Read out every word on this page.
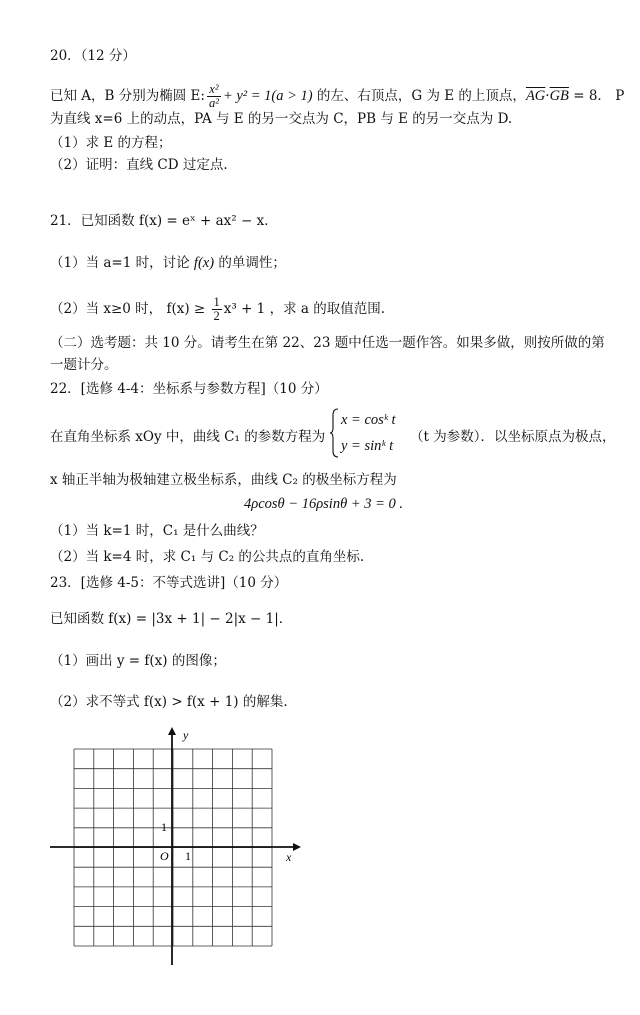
20．（12 分）
已知 A，B 分别为椭圆 E: $\frac{\text{x²}}{\text{a²}} + y^2 = 1(a > 1)$ 的左、右顶点，G 为 E 的上顶点，$\overline{AG}\cdot\overline{GB} = 8$． P
为直线 x=6 上的动点，PA 与 E 的另一交点为 C，PB 与 E 的另一交点为 D.
（1）求 E 的方程；
（2）证明：直线 CD 过定点.
21．已知函数 f(x) = eˣ + ax² − x．
（1）当 a=1 时，讨论 f(x) 的单调性；
（2）当 x≥0 时， $f(x) \ge \frac{1}{2} x^3 + 1$ ，求 a 的取值范围.
（二）选考题：共 10 分。请考生在第 22、23 题中任选一题作答。如果多做，则按所做的第
一题计分。
22．[选修 4-4：坐标系与参数方程]（10 分）
在直角坐标系 xOy 中，曲线 C₁ 的参数方程为
x = cosᵏ t
y = sinᵏ t
（t 为参数）．以坐标原点为极点，
x 轴正半轴为极轴建立极坐标系，曲线 C₂ 的极坐标方程为
4ρcosθ − 16ρsinθ + 3 = 0 .
（1）当 k=1 时，C₁ 是什么曲线？
（2）当 k=4 时，求 C₁ 与 C₂ 的公共点的直角坐标.
23．[选修 4-5：不等式选讲]（10 分）
已知函数 f(x) = |3x + 1| − 2|x − 1|．
（1）画出 y = f(x) 的图像；
（2）求不等式 f(x) > f(x + 1) 的解集.
y
x
O 1
1
